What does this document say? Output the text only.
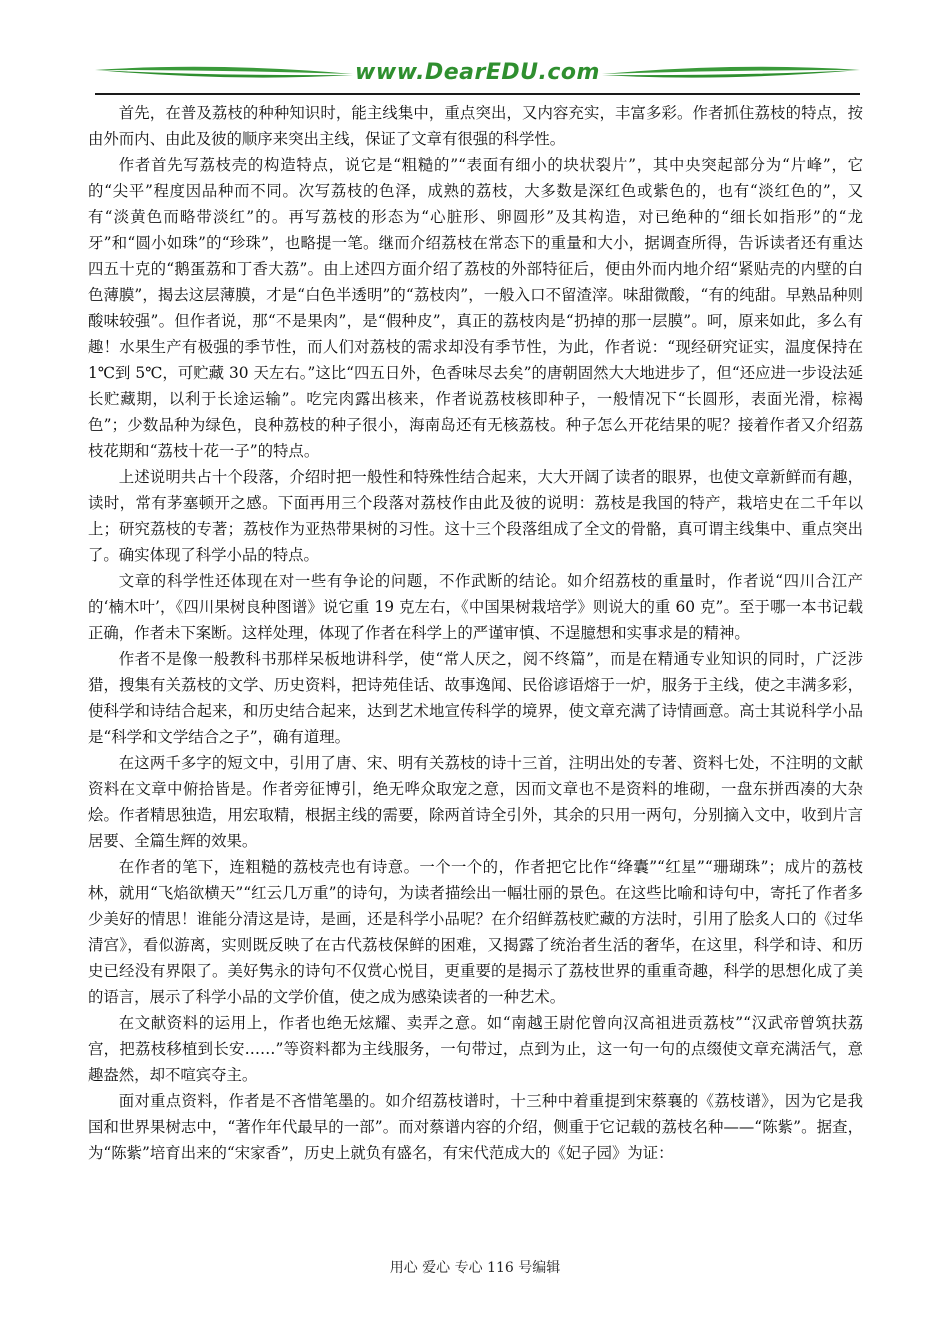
www.DearEDU.com

首先，在普及荔枝的种种知识时，能主线集中，重点突出，又内容充实，丰富多彩。作者抓住荔枝的特点，按由外而内、由此及彼的顺序来突出主线，保证了文章有很强的科学性。

作者首先写荔枝壳的构造特点，说它是“粗糙的”“表面有细小的块状裂片”，其中央突起部分为“片峰”，它的“尖平”程度因品种而不同。次写荔枝的色泽，成熟的荔枝，大多数是深红色或紫色的，也有“淡红色的”，又有“淡黄色而略带淡红”的。再写荔枝的形态为“心脏形、卵圆形”及其构造，对已绝种的“细长如指形”的“龙牙”和“圆小如珠”的“珍珠”，也略提一笔。继而介绍荔枝在常态下的重量和大小，据调查所得，告诉读者还有重达四五十克的“鹅蛋荔和丁香大荔”。由上述四方面介绍了荔枝的外部特征后，便由外而内地介绍“紧贴壳的内壁的白色薄膜”，揭去这层薄膜，才是“白色半透明”的“荔枝肉”，一般入口不留渣滓。味甜微酸，“有的纯甜。早熟品种则酸味较强”。但作者说，那“不是果肉”，是“假种皮”，真正的荔枝肉是“扔掉的那一层膜”。呵，原来如此，多么有趣！水果生产有极强的季节性，而人们对荔枝的需求却没有季节性，为此，作者说：“现经研究证实，温度保持在 1℃到 5℃，可贮藏 30 天左右。”这比“四五日外，色香味尽去矣”的唐朝固然大大地进步了，但“还应进一步设法延长贮藏期，以利于长途运输”。吃完肉露出核来，作者说荔枝核即种子，一般情况下“长圆形，表面光滑，棕褐色”；少数品种为绿色，良种荔枝的种子很小，海南岛还有无核荔枝。种子怎么开花结果的呢？接着作者又介绍荔枝花期和“荔枝十花一子”的特点。

上述说明共占十个段落，介绍时把一般性和特殊性结合起来，大大开阔了读者的眼界，也使文章新鲜而有趣，读时，常有茅塞顿开之感。下面再用三个段落对荔枝作由此及彼的说明：荔枝是我国的特产，栽培史在二千年以上；研究荔枝的专著；荔枝作为亚热带果树的习性。这十三个段落组成了全文的骨骼，真可谓主线集中、重点突出了。确实体现了科学小品的特点。

文章的科学性还体现在对一些有争论的问题，不作武断的结论。如介绍荔枝的重量时，作者说“四川合江产的‘楠木叶’，《四川果树良种图谱》说它重 19 克左右，《中国果树栽培学》则说大的重 60 克”。至于哪一本书记载正确，作者未下案断。这样处理，体现了作者在科学上的严谨审慎、不逞臆想和实事求是的精神。

作者不是像一般教科书那样呆板地讲科学，使“常人厌之，阅不终篇”，而是在精通专业知识的同时，广泛涉猎，搜集有关荔枝的文学、历史资料，把诗苑佳话、故事逸闻、民俗谚语熔于一炉，服务于主线，使之丰满多彩，使科学和诗结合起来，和历史结合起来，达到艺术地宣传科学的境界，使文章充满了诗情画意。高士其说科学小品是“科学和文学结合之子”，确有道理。

在这两千多字的短文中，引用了唐、宋、明有关荔枝的诗十三首，注明出处的专著、资料七处，不注明的文献资料在文章中俯拾皆是。作者旁征博引，绝无哗众取宠之意，因而文章也不是资料的堆砌，一盘东拼西凑的大杂烩。作者精思独造，用宏取精，根据主线的需要，除两首诗全引外，其余的只用一两句，分别摘入文中，收到片言居要、全篇生辉的效果。

在作者的笔下，连粗糙的荔枝壳也有诗意。一个一个的，作者把它比作“绛囊”“红星”“珊瑚珠”；成片的荔枝林，就用“飞焰欲横天”“红云几万重”的诗句，为读者描绘出一幅壮丽的景色。在这些比喻和诗句中，寄托了作者多少美好的情思！谁能分清这是诗，是画，还是科学小品呢？在介绍鲜荔枝贮藏的方法时，引用了脍炙人口的《过华清宫》，看似游离，实则既反映了在古代荔枝保鲜的困难，又揭露了统治者生活的奢华，在这里，科学和诗、和历史已经没有界限了。美好隽永的诗句不仅赏心悦目，更重要的是揭示了荔枝世界的重重奇趣，科学的思想化成了美的语言，展示了科学小品的文学价值，使之成为感染读者的一种艺术。

在文献资料的运用上，作者也绝无炫耀、卖弄之意。如“南越王尉佗曾向汉高祖进贡荔枝”“汉武帝曾筑扶荔宫，把荔枝移植到长安……”等资料都为主线服务，一句带过，点到为止，这一句一句的点缀使文章充满活气，意趣盎然，却不喧宾夺主。

面对重点资料，作者是不吝惜笔墨的。如介绍荔枝谱时，十三种中着重提到宋蔡襄的《荔枝谱》，因为它是我国和世界果树志中，“著作年代最早的一部”。而对蔡谱内容的介绍，侧重于它记载的荔枝名种——“陈紫”。据查，为“陈紫”培育出来的“宋家香”，历史上就负有盛名，有宋代范成大的《妃子园》为证：

用心 爱心 专心 116 号编辑
